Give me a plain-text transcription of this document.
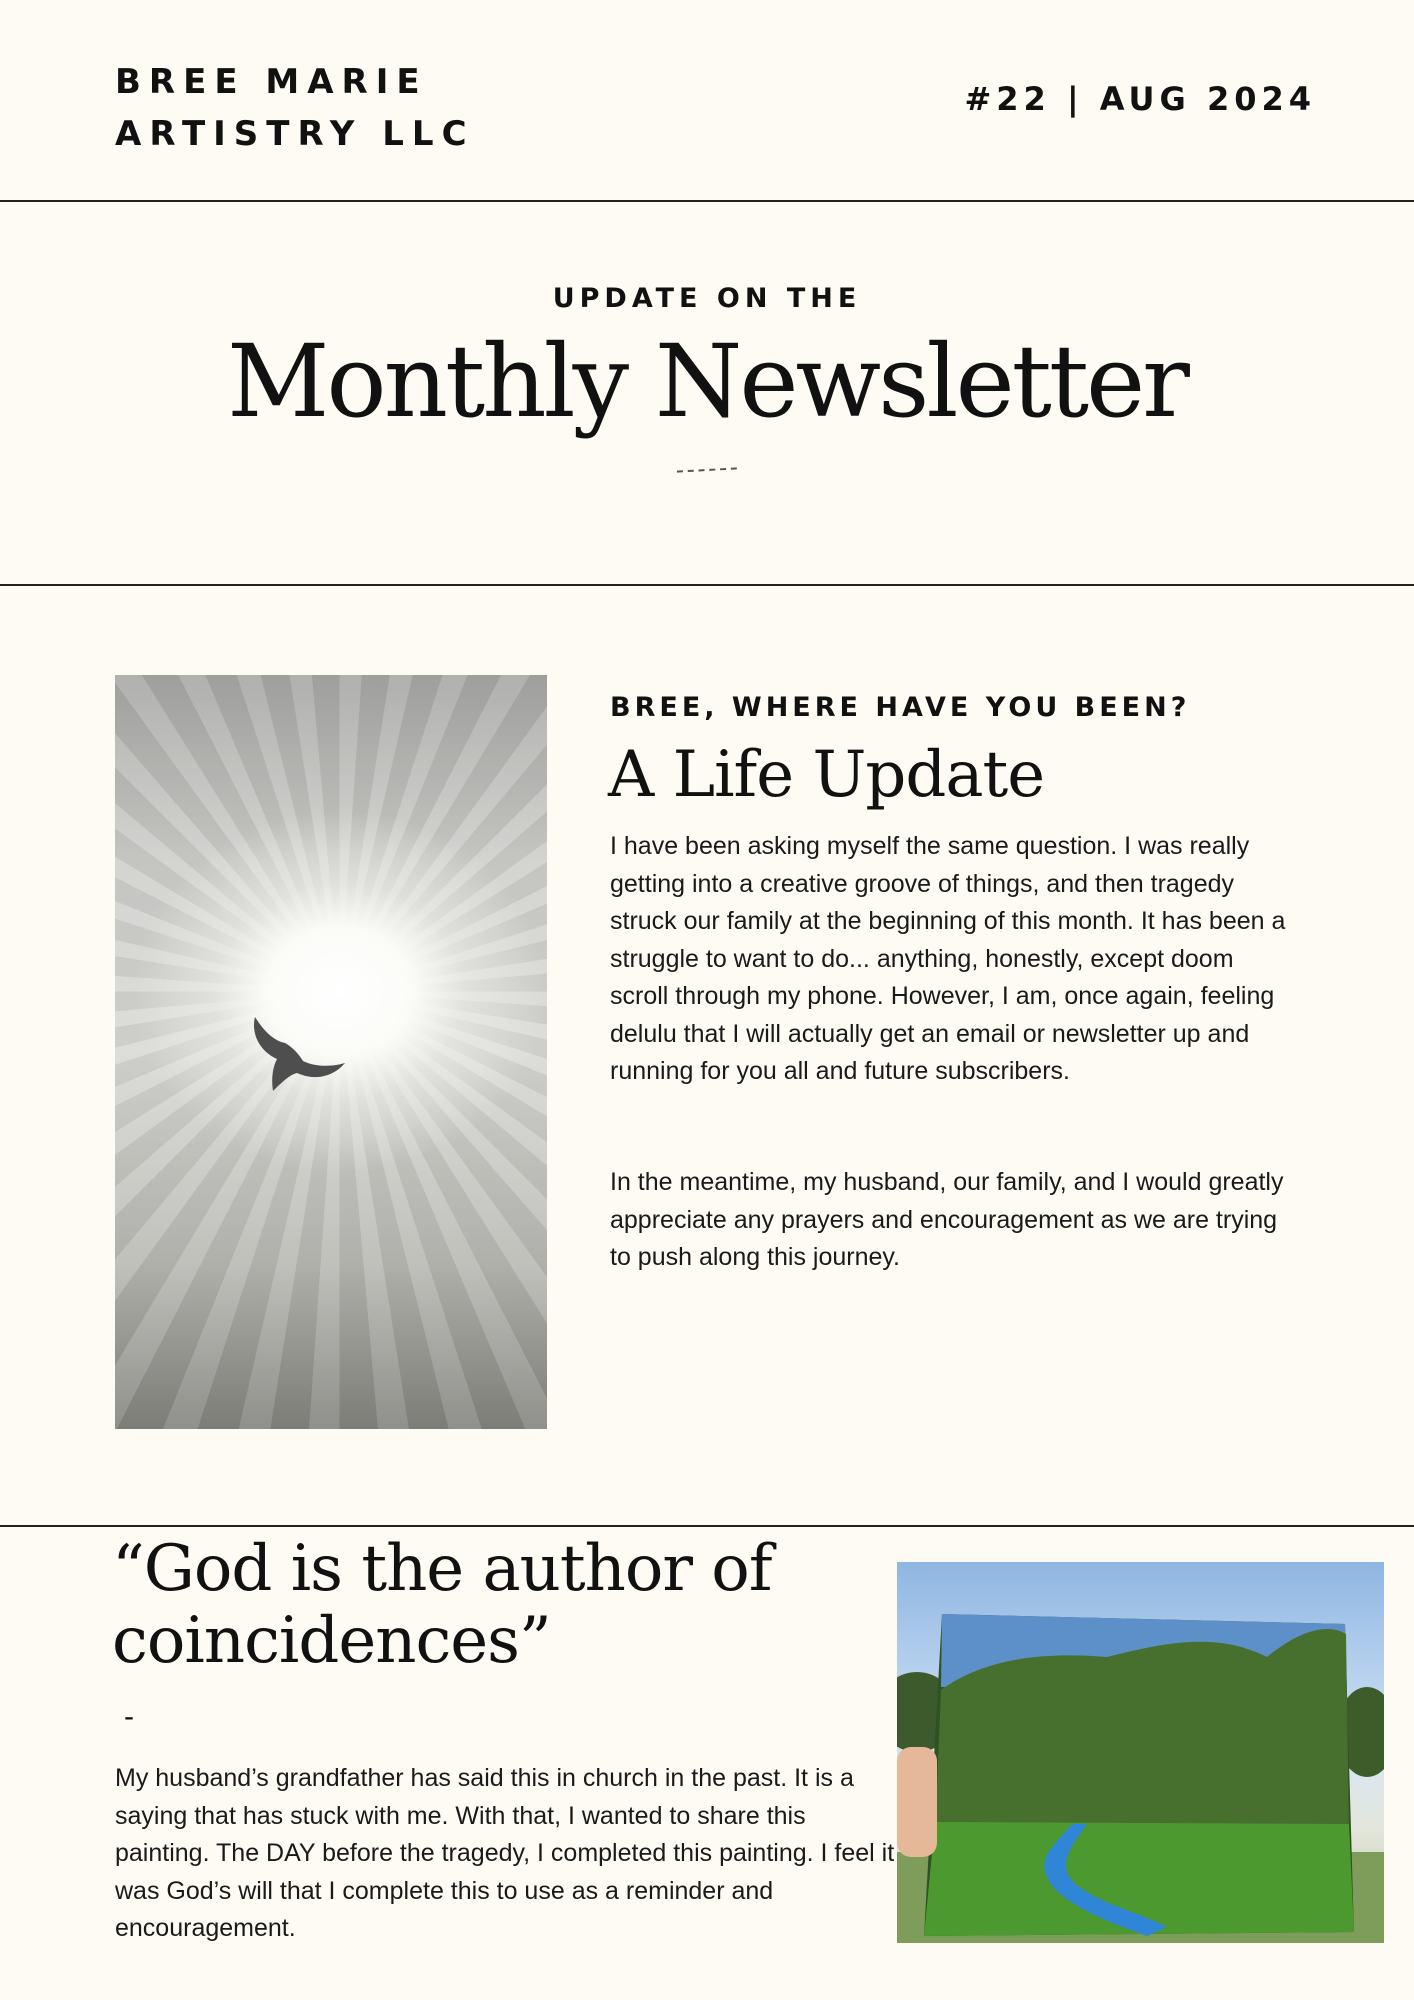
BREE MARIE ARTISTRY LLC
#22 | AUG 2024
UPDATE ON THE
Monthly Newsletter
BREE, WHERE HAVE YOU BEEN?
A Life Update

I have been asking myself the same question. I was really getting into a creative groove of things, and then tragedy struck our family at the beginning of this month. It has been a struggle to want to do... anything, honestly, except doom scroll through my phone. However, I am, once again, feeling delulu that I will actually get an email or newsletter up and running for you all and future subscribers.

In the meantime, my husband, our family, and I would greatly appreciate any prayers and encouragement as we are trying to push along this journey.

“God is the author of coincidences”
-

My husband’s grandfather has said this in church in the past. It is a saying that has stuck with me. With that, I wanted to share this painting. The DAY before the tragedy, I completed this painting. I feel it was God’s will that I complete this to use as a reminder and encouragement.
